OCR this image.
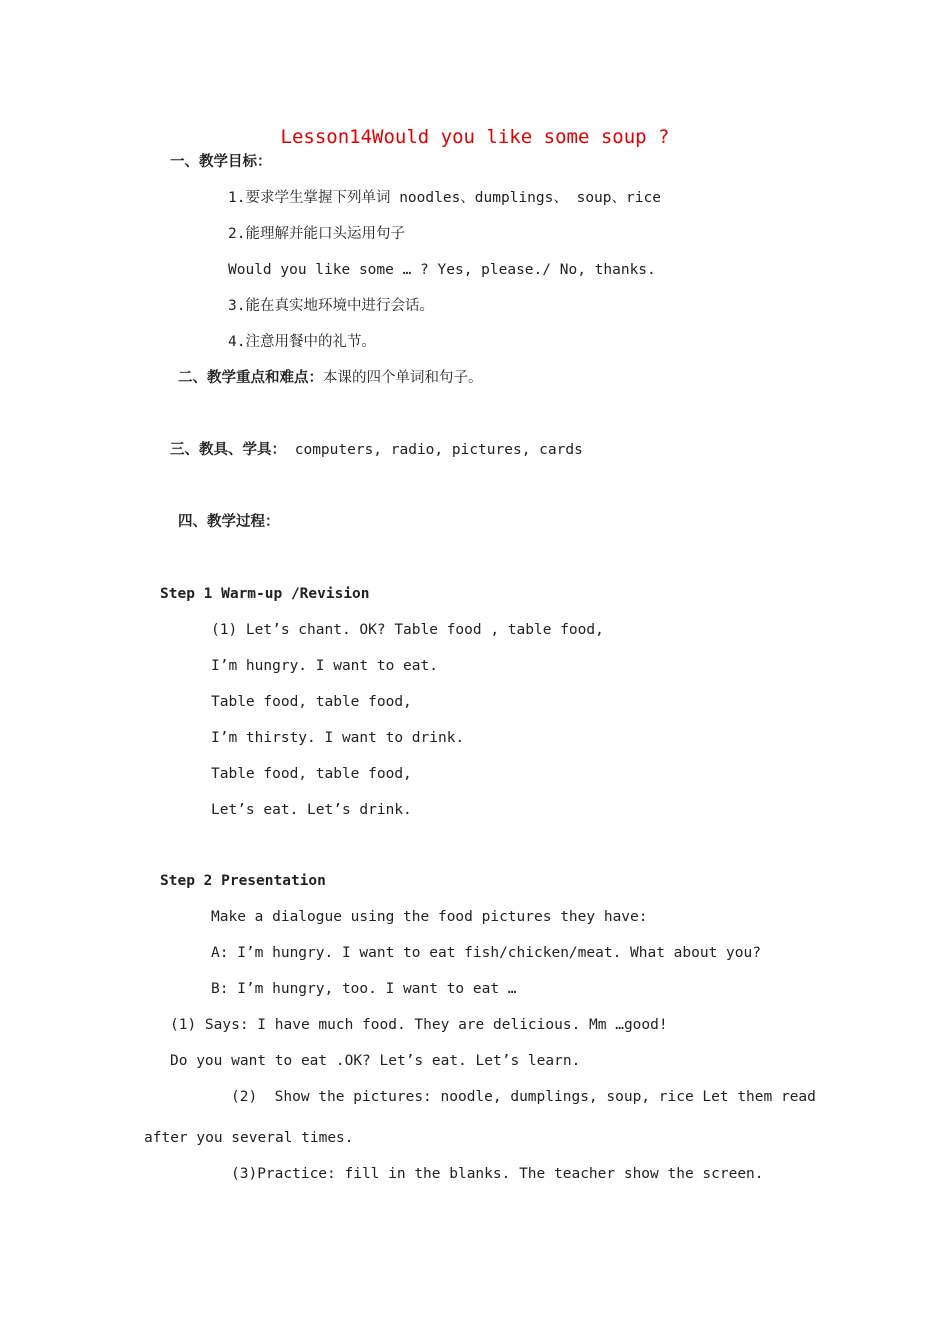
Lesson14Would you like some soup ?
一、教学目标：
1.要求学生掌握下列单词 noodles、dumplings、 soup、rice
2.能理解并能口头运用句子
Would you like some … ? Yes, please./ No, thanks.
3.能在真实地环境中进行会话。
4.注意用餐中的礼节。
二、教学重点和难点：本课的四个单词和句子。
三、教具、学具： computers, radio, pictures, cards
四、教学过程：
Step 1 Warm-up /Revision
(1) Let’s chant. OK? Table food , table food,
I’m hungry. I want to eat.
Table food, table food,
I’m thirsty. I want to drink.
Table food, table food,
Let’s eat. Let’s drink.
Step 2 Presentation
Make a dialogue using the food pictures they have:
A: I’m hungry. I want to eat fish/chicken/meat. What about you?
B: I’m hungry, too. I want to eat …
(1) Says: I have much food. They are delicious. Mm …good!
Do you want to eat .OK? Let’s eat. Let’s learn.
(2)  Show the pictures: noodle, dumplings, soup, rice Let them read
after you several times.
(3)Practice: fill in the blanks. The teacher show the screen.
